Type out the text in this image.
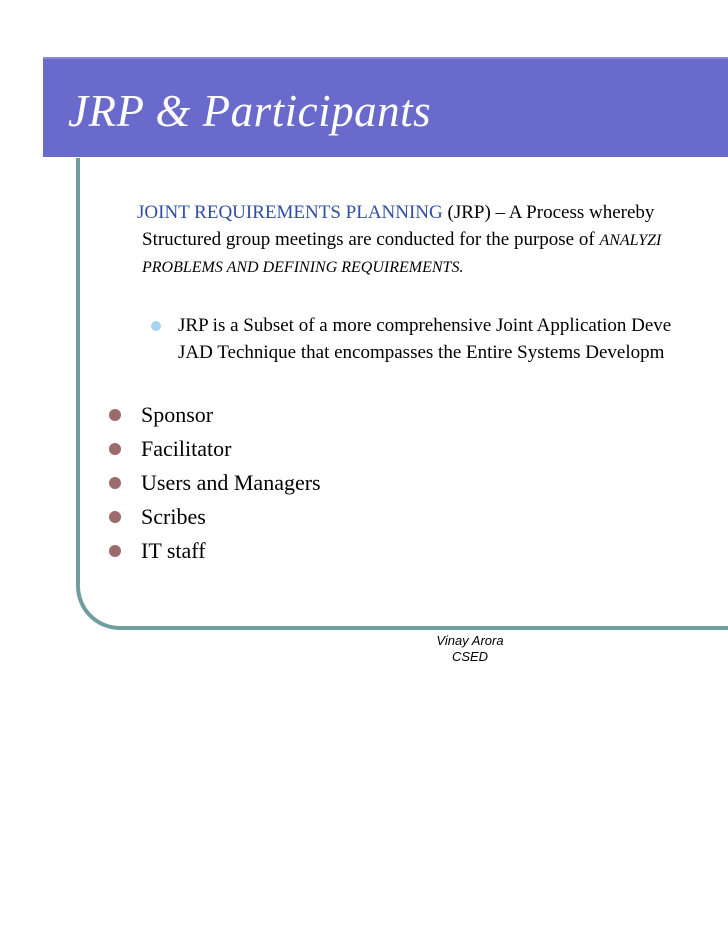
JRP & Participants
JOINT REQUIREMENTS PLANNING (JRP) – A Process whereby
Structured group meetings are conducted for the purpose of ANALYZI
PROBLEMS AND DEFINING REQUIREMENTS.
JRP is a Subset of a more comprehensive Joint Application Deve
JAD Technique that encompasses the Entire Systems Developm
Sponsor
Facilitator
Users and Managers
Scribes
IT staff
Vinay Arora
CSED
